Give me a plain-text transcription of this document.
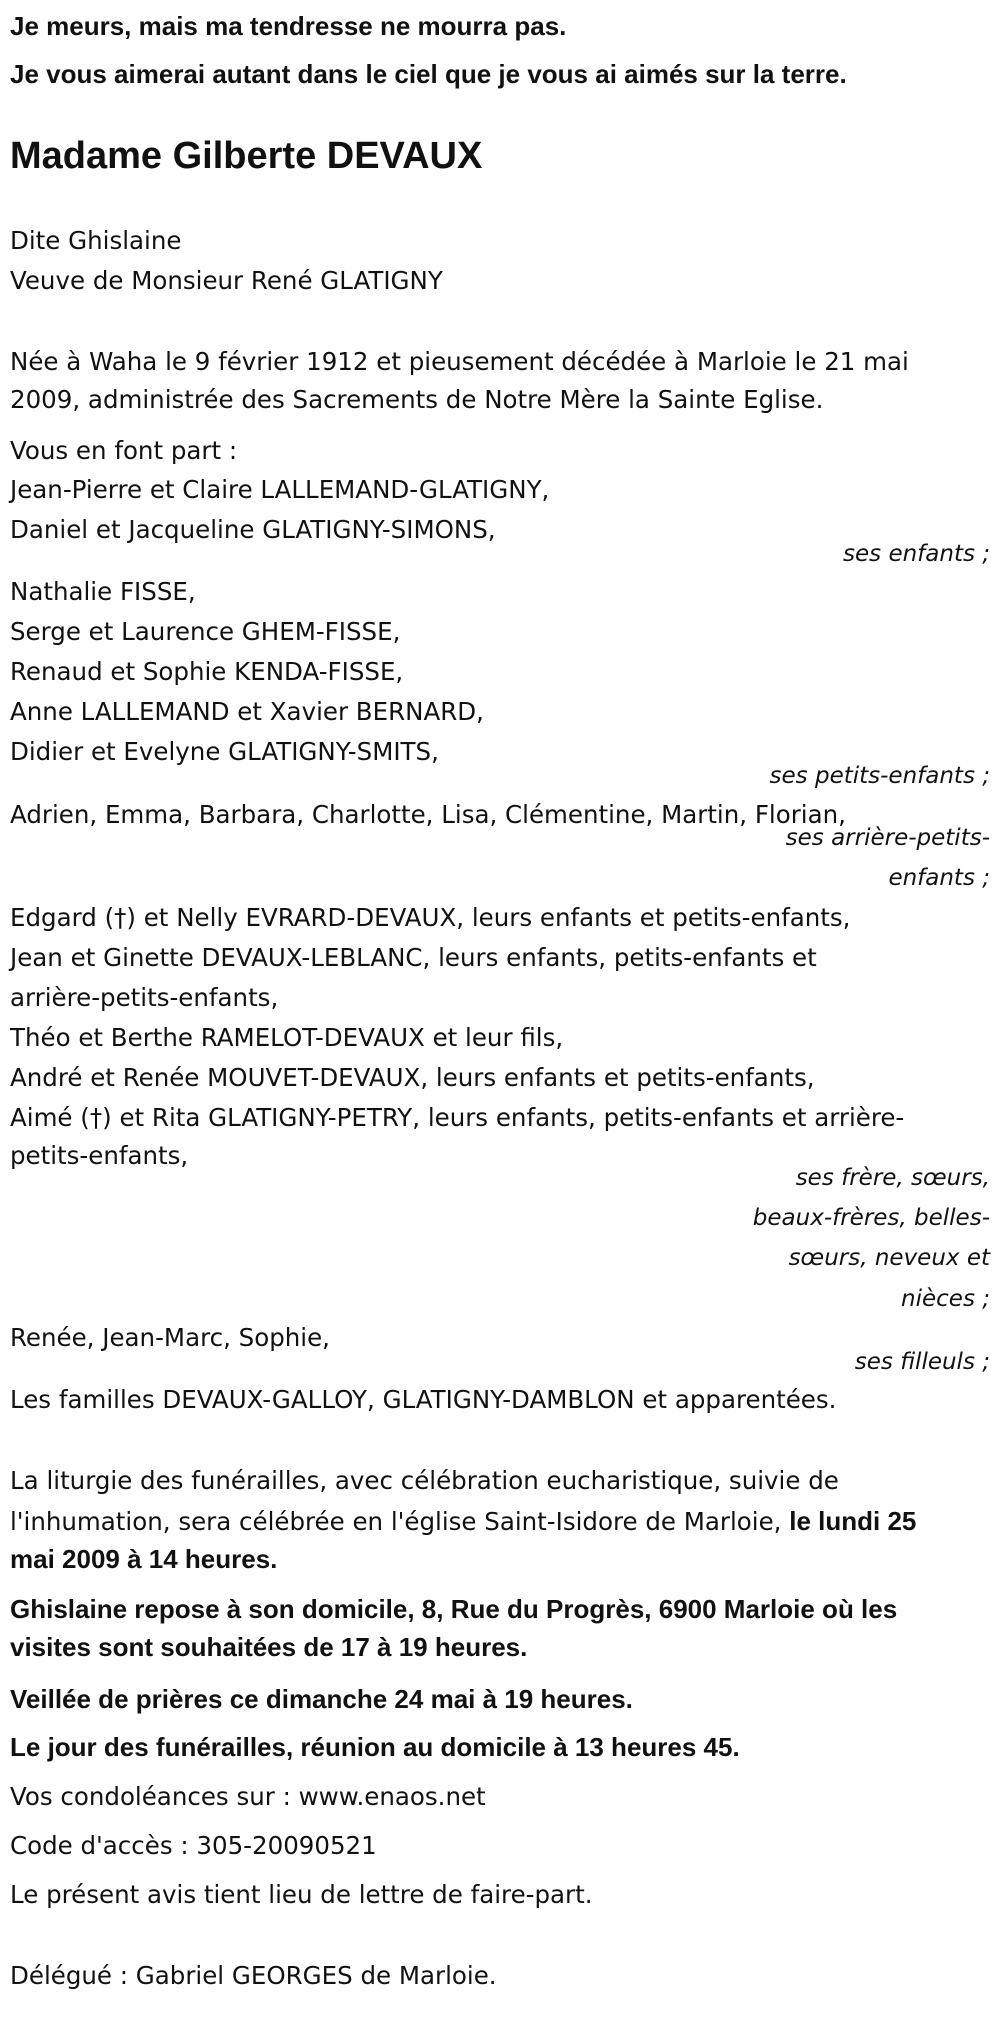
Je meurs, mais ma tendresse ne mourra pas.
Je vous aimerai autant dans le ciel que je vous ai aimés sur la terre.
Madame Gilberte DEVAUX
Dite Ghislaine
Veuve de Monsieur René GLATIGNY
Née à Waha le 9 février 1912 et pieusement décédée à Marloie le 21 mai
2009, administrée des Sacrements de Notre Mère la Sainte Eglise.
Vous en font part :
Jean-Pierre et Claire LALLEMAND-GLATIGNY,
Daniel et Jacqueline GLATIGNY-SIMONS,
ses enfants ;
Nathalie FISSE,
Serge et Laurence GHEM-FISSE,
Renaud et Sophie KENDA-FISSE,
Anne LALLEMAND et Xavier BERNARD,
Didier et Evelyne GLATIGNY-SMITS,
ses petits-enfants ;
Adrien, Emma, Barbara, Charlotte, Lisa, Clémentine, Martin, Florian,
ses arrière-petits-
enfants ;
Edgard (†) et Nelly EVRARD-DEVAUX, leurs enfants et petits-enfants,
Jean et Ginette DEVAUX-LEBLANC, leurs enfants, petits-enfants et
arrière-petits-enfants,
Théo et Berthe RAMELOT-DEVAUX et leur fils,
André et Renée MOUVET-DEVAUX, leurs enfants et petits-enfants,
Aimé (†) et Rita GLATIGNY-PETRY, leurs enfants, petits-enfants et arrière-
petits-enfants,
ses frère, sœurs,
beaux-frères, belles-
sœurs, neveux et
nièces ;
Renée, Jean-Marc, Sophie,
ses filleuls ;
Les familles DEVAUX-GALLOY, GLATIGNY-DAMBLON et apparentées.
La liturgie des funérailles, avec célébration eucharistique, suivie de
l'inhumation, sera célébrée en l'église Saint-Isidore de Marloie, le lundi 25
mai 2009 à 14 heures.
Ghislaine repose à son domicile, 8, Rue du Progrès, 6900 Marloie où les
visites sont souhaitées de 17 à 19 heures.
Veillée de prières ce dimanche 24 mai à 19 heures.
Le jour des funérailles, réunion au domicile à 13 heures 45.
Vos condoléances sur : www.enaos.net
Code d'accès : 305-20090521
Le présent avis tient lieu de lettre de faire-part.
Délégué : Gabriel GEORGES de Marloie.
